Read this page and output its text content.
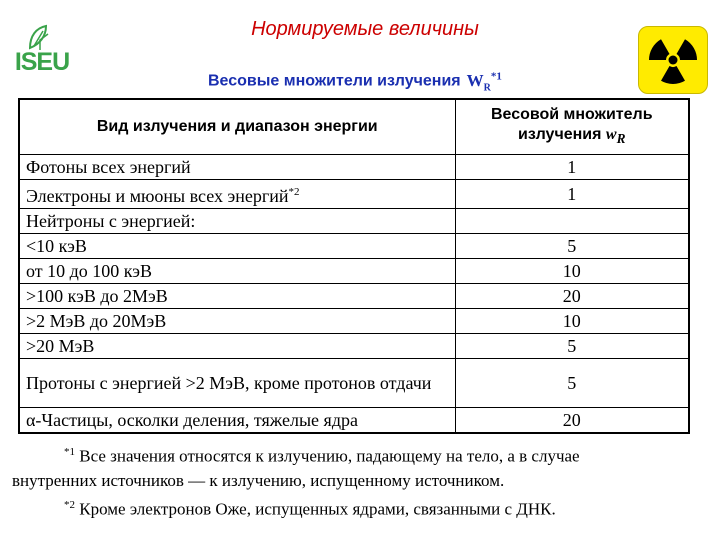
Нормируемые величины
ISEU
Весовые множители излучения $W_R^{*1}$
Вид излучения и диапазон энергии	Весовой множитель
излучения $w_R$
Фотоны всех энергий	1
Электроны и мюоны всех энергий$^{*2}$	1
Нейтроны с энергией:	
<10 кэВ	5
от 10 до 100 кэВ	10
>100 кэВ до 2МэВ	20
>2 МэВ до 20МэВ	10
>20 МэВ	5
Протоны с энергией >2 МэВ, кроме протонов отдачи	5
α-Частицы, осколки деления, тяжелые ядра	20
$^{*1}$ Все значения относятся к излучению, падающему на тело, а в случае
внутренних источников — к излучению, испущенному источником.
$^{*2}$ Кроме электронов Оже, испущенных ядрами, связанными с ДНК.
